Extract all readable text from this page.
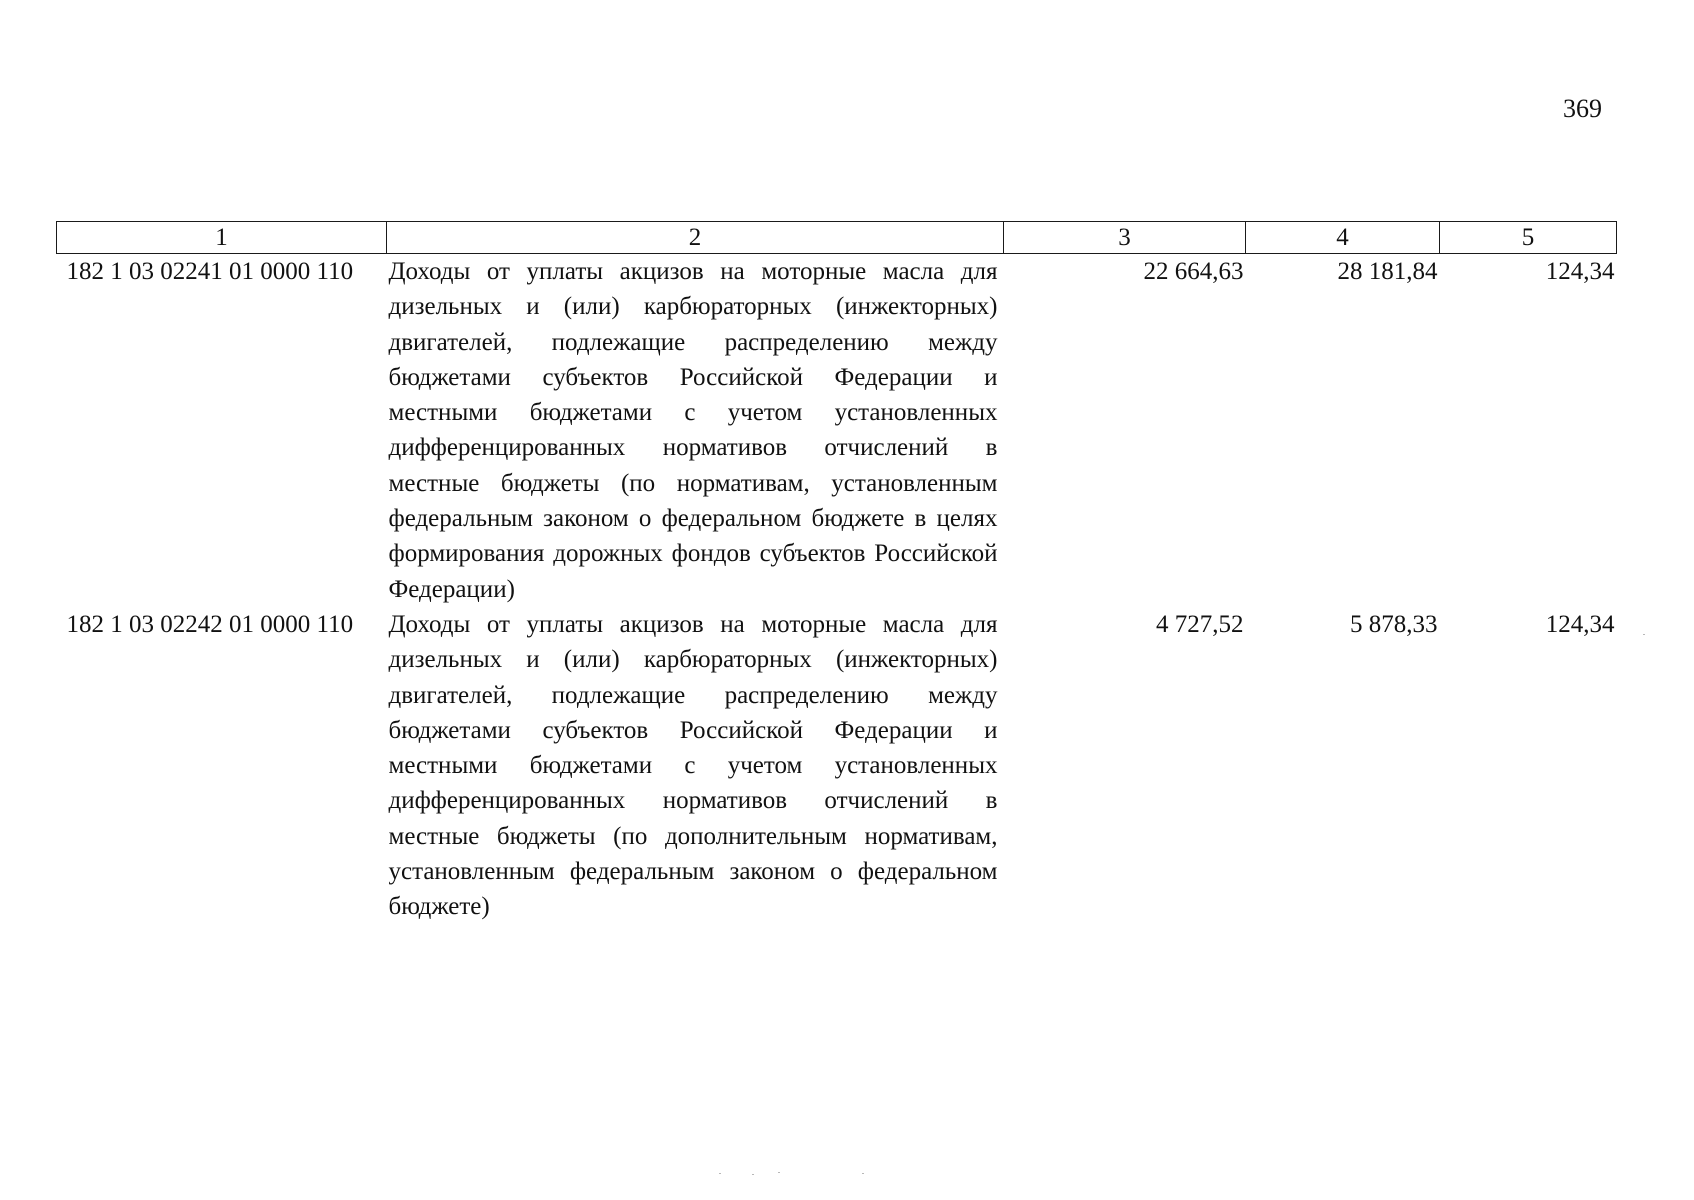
369
1	2	3	4	5
182 1 03 02241 01 0000 110	Доходы от уплаты акцизов на моторные масла для дизельных и (или) карбюраторных (инжекторных) двигателей, подлежащие распределению между бюджетами субъектов Российской Федерации и местными бюджетами с учетом установленных дифференцированных нормативов отчислений в местные бюджеты (по нормативам, установленным федеральным законом о федеральном бюджете в целях формирования дорожных фондов субъектов Российской Федерации)	22 664,63	28 181,84	124,34
182 1 03 02242 01 0000 110	Доходы от уплаты акцизов на моторные масла для дизельных и (или) карбюраторных (инжекторных) двигателей, подлежащие распределению между бюджетами субъектов Российской Федерации и местными бюджетами с учетом установленных дифференцированных нормативов отчислений в местные бюджеты (по дополнительным нормативам, установленным федеральным законом о федеральном бюджете)	4 727,52	5 878,33	124,34
